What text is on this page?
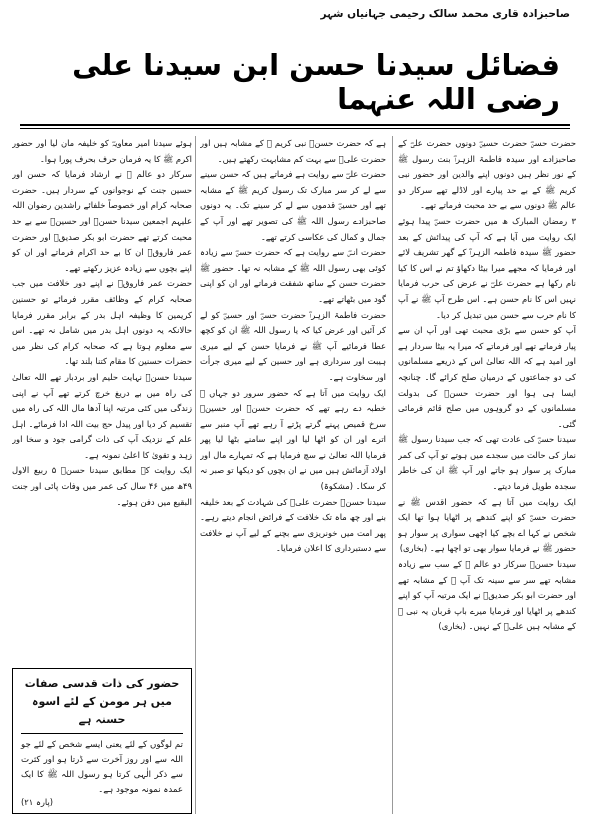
صاحبزادہ قاری محمد سالک رحیمی جہانیاں شہر
فضائل سیدنا حسن ابن سیدنا علی رضی اللہ عنہما

حضرت حسنؓ حضرت حسینؓ دونوں حضرت علیؓ کے صاحبزادے اور سیدہ فاطمۃ الزہراؓ بنت رسول ﷺ کے نور نظر ہیں دونوں اپنے والدین اور حضور نبی کریم ﷺ کے بے حد پیارے اور لاڈلے تھے سرکار دو عالم ﷺ دونوں سے بے حد محبت فرماتے تھے۔

۳ رمضان المبارک ھ میں حضرت حسنؓ پیدا ہوئے ایک روایت میں آیا ہے کہ آپ کی پیدائش کے بعد حضور ﷺ سیدہ فاطمہ الزہراؓ کے گھر تشریف لائے اور فرمایا کہ مجھے میرا بیٹا دکھاؤ تم نے اس کا کیا نام رکھا ہے حضرت علیؓ نے عرض کی حرب فرمایا نہیں اس کا نام حسن ہے۔ اس طرح آپ ﷺ نے آپ کا نام حرب سے حسن میں تبدیل کر دیا۔

آپ کو حسن سے بڑی محبت تھی اور آپ ان سے پیار فرماتے تھے اور فرماتے کہ میرا یہ بیٹا سردار ہے اور امید ہے کہ اللہ تعالیٰ اس کے ذریعے مسلمانوں کی دو جماعتوں کے درمیان صلح کرائے گا۔ چنانچہ ایسا ہی ہوا اور حضرت حسنؓ کی بدولت مسلمانوں کے دو گروہوں میں صلح قائم فرمائی گئی۔

سیدنا حسنؓ کی عادت تھی کہ جب سیدنا رسول ﷺ نماز کی حالت میں سجدے میں ہوتے تو آپ کی کمر مبارک پر سوار ہو جاتے اور آپ ﷺ ان کی خاطر سجدہ طویل فرما دیتے۔

ایک روایت میں آتا ہے کہ حضور اقدس ﷺ نے حضرت حسنؓ کو اپنے کندھے پر اٹھایا ہوا تھا ایک شخص نے کہا اے بچے کیا اچھی سواری پر سوار ہو حضور ﷺ نے فرمایا سوار بھی تو اچھا ہے۔ (بخاری)

سیدنا حسنؓ سرکار دو عالم ﷺ کے سب سے زیادہ مشابہ تھے سر سے سینہ تک آپ ﷺ کے مشابہ تھے اور حضرت ابو بکر صدیقؓ نے ایک مرتبہ آپ کو اپنے کندھے پر اٹھایا اور فرمایا میرے باپ قربان یہ نبی ﷺ کے مشابہ ہیں علیؓ کے نہیں۔ (بخاری)

ہے کہ حضرت حسنؓ نبی کریم ﷺ کے مشابہ ہیں اور حضرت علیؓ سے بہت کم مشابہت رکھتے ہیں۔

حضرت علیؓ سے روایت ہے فرماتے ہیں کہ حسن سینے سے لے کر سر مبارک تک رسول کریم ﷺ کے مشابہ تھے اور حسینؓ قدموں سے لے کر سینے تک۔ یہ دونوں صاحبزادے رسول اللہ ﷺ کی تصویر تھے اور آپ کے جمال و کمال کی عکاسی کرتے تھے۔

حضرت انسؓ سے روایت ہے کہ حضرت حسنؓ سے زیادہ کوئی بھی رسول اللہ ﷺ کے مشابہ نہ تھا۔ حضور ﷺ حضرت حسن کے ساتھ شفقت فرماتے اور ان کو اپنی گود میں بٹھاتے تھے۔

حضرت فاطمۃ الزہراؓ حضرت حسنؓ اور حسینؓ کو لے کر آئیں اور عرض کیا کہ یا رسول اللہ ﷺ ان کو کچھ عطا فرمائیے آپ ﷺ نے فرمایا حسن کے لیے میری ہیبت اور سرداری ہے اور حسین کے لیے میری جرأت اور سخاوت ہے۔

ایک روایت میں آتا ہے کہ حضور سرور دو جہاں ﷺ خطبہ دے رہے تھے کہ حضرت حسنؓ اور حسینؓ سرخ قمیص پہنے گرتے پڑتے آ رہے تھے آپ منبر سے اترے اور ان کو اٹھا لیا اور اپنے سامنے بٹھا لیا پھر فرمایا اللہ تعالیٰ نے سچ فرمایا ہے کہ تمہارے مال اور اولاد آزمائش ہیں میں نے ان بچوں کو دیکھا تو صبر نہ کر سکا۔ (مشکوۃ)

سیدنا حسنؓ حضرت علیؓ کی شہادت کے بعد خلیفہ بنے اور چھ ماہ تک خلافت کے فرائض انجام دیتے رہے۔ پھر امت میں خونریزی سے بچنے کے لیے آپ نے خلافت سے دستبرداری کا اعلان فرمایا۔

ہوئے سیدنا امیر معاویہؓ کو خلیفہ مان لیا اور حضور اکرم ﷺ کا یہ فرمان حرف بحرف پورا ہوا۔

سرکار دو عالم ﷺ نے ارشاد فرمایا کہ حسن اور حسین جنت کے نوجوانوں کے سردار ہیں۔ حضرت صحابہ کرام اور خصوصاً خلفائے راشدین رضوان اللہ علیہم اجمعین سیدنا حسنؓ اور حسینؓ سے بے حد محبت کرتے تھے حضرت ابو بکر صدیقؓ اور حضرت عمر فاروقؓ ان کا بے حد اکرام فرماتے اور ان کو اپنے بچوں سے زیادہ عزیز رکھتے تھے۔

حضرت عمر فاروقؓ نے اپنے دور خلافت میں جب صحابہ کرام کے وظائف مقرر فرمائے تو حسنین کریمین کا وظیفہ اہل بدر کے برابر مقرر فرمایا حالانکہ یہ دونوں اہل بدر میں شامل نہ تھے۔ اس سے معلوم ہوتا ہے کہ صحابہ کرام کی نظر میں حضرات حسنین کا مقام کتنا بلند تھا۔

سیدنا حسنؓ نہایت حلیم اور بردبار تھے اللہ تعالیٰ کی راہ میں بے دریغ خرچ کرتے تھے آپ نے اپنی زندگی میں کئی مرتبہ اپنا آدھا مال اللہ کی راہ میں تقسیم کر دیا اور پیدل حج بیت اللہ ادا فرمائے۔ اہل علم کے نزدیک آپ کی ذات گرامی جود و سخا اور زہد و تقویٰ کا اعلیٰ نمونہ ہے۔

ایک روایت کے مطابق سیدنا حسنؓ ۵ ربیع الاول ۴۹ھ میں ۴۶ سال کی عمر میں وفات پائی اور جنت البقیع میں دفن ہوئے۔

حضور کی ذات قدسی صفات میں ہر مومن کے لئے اسوہ حسنہ ہے
تم لوگوں کے لئے یعنی ایسے شخص کے لئے جو اللہ سے اور روز آخرت سے ڈرتا ہو اور کثرت سے ذکر الٰہی کرتا ہو رسول اللہ ﷺ کا ایک عمدہ نمونہ موجود ہے۔
(پارہ ۲۱)
